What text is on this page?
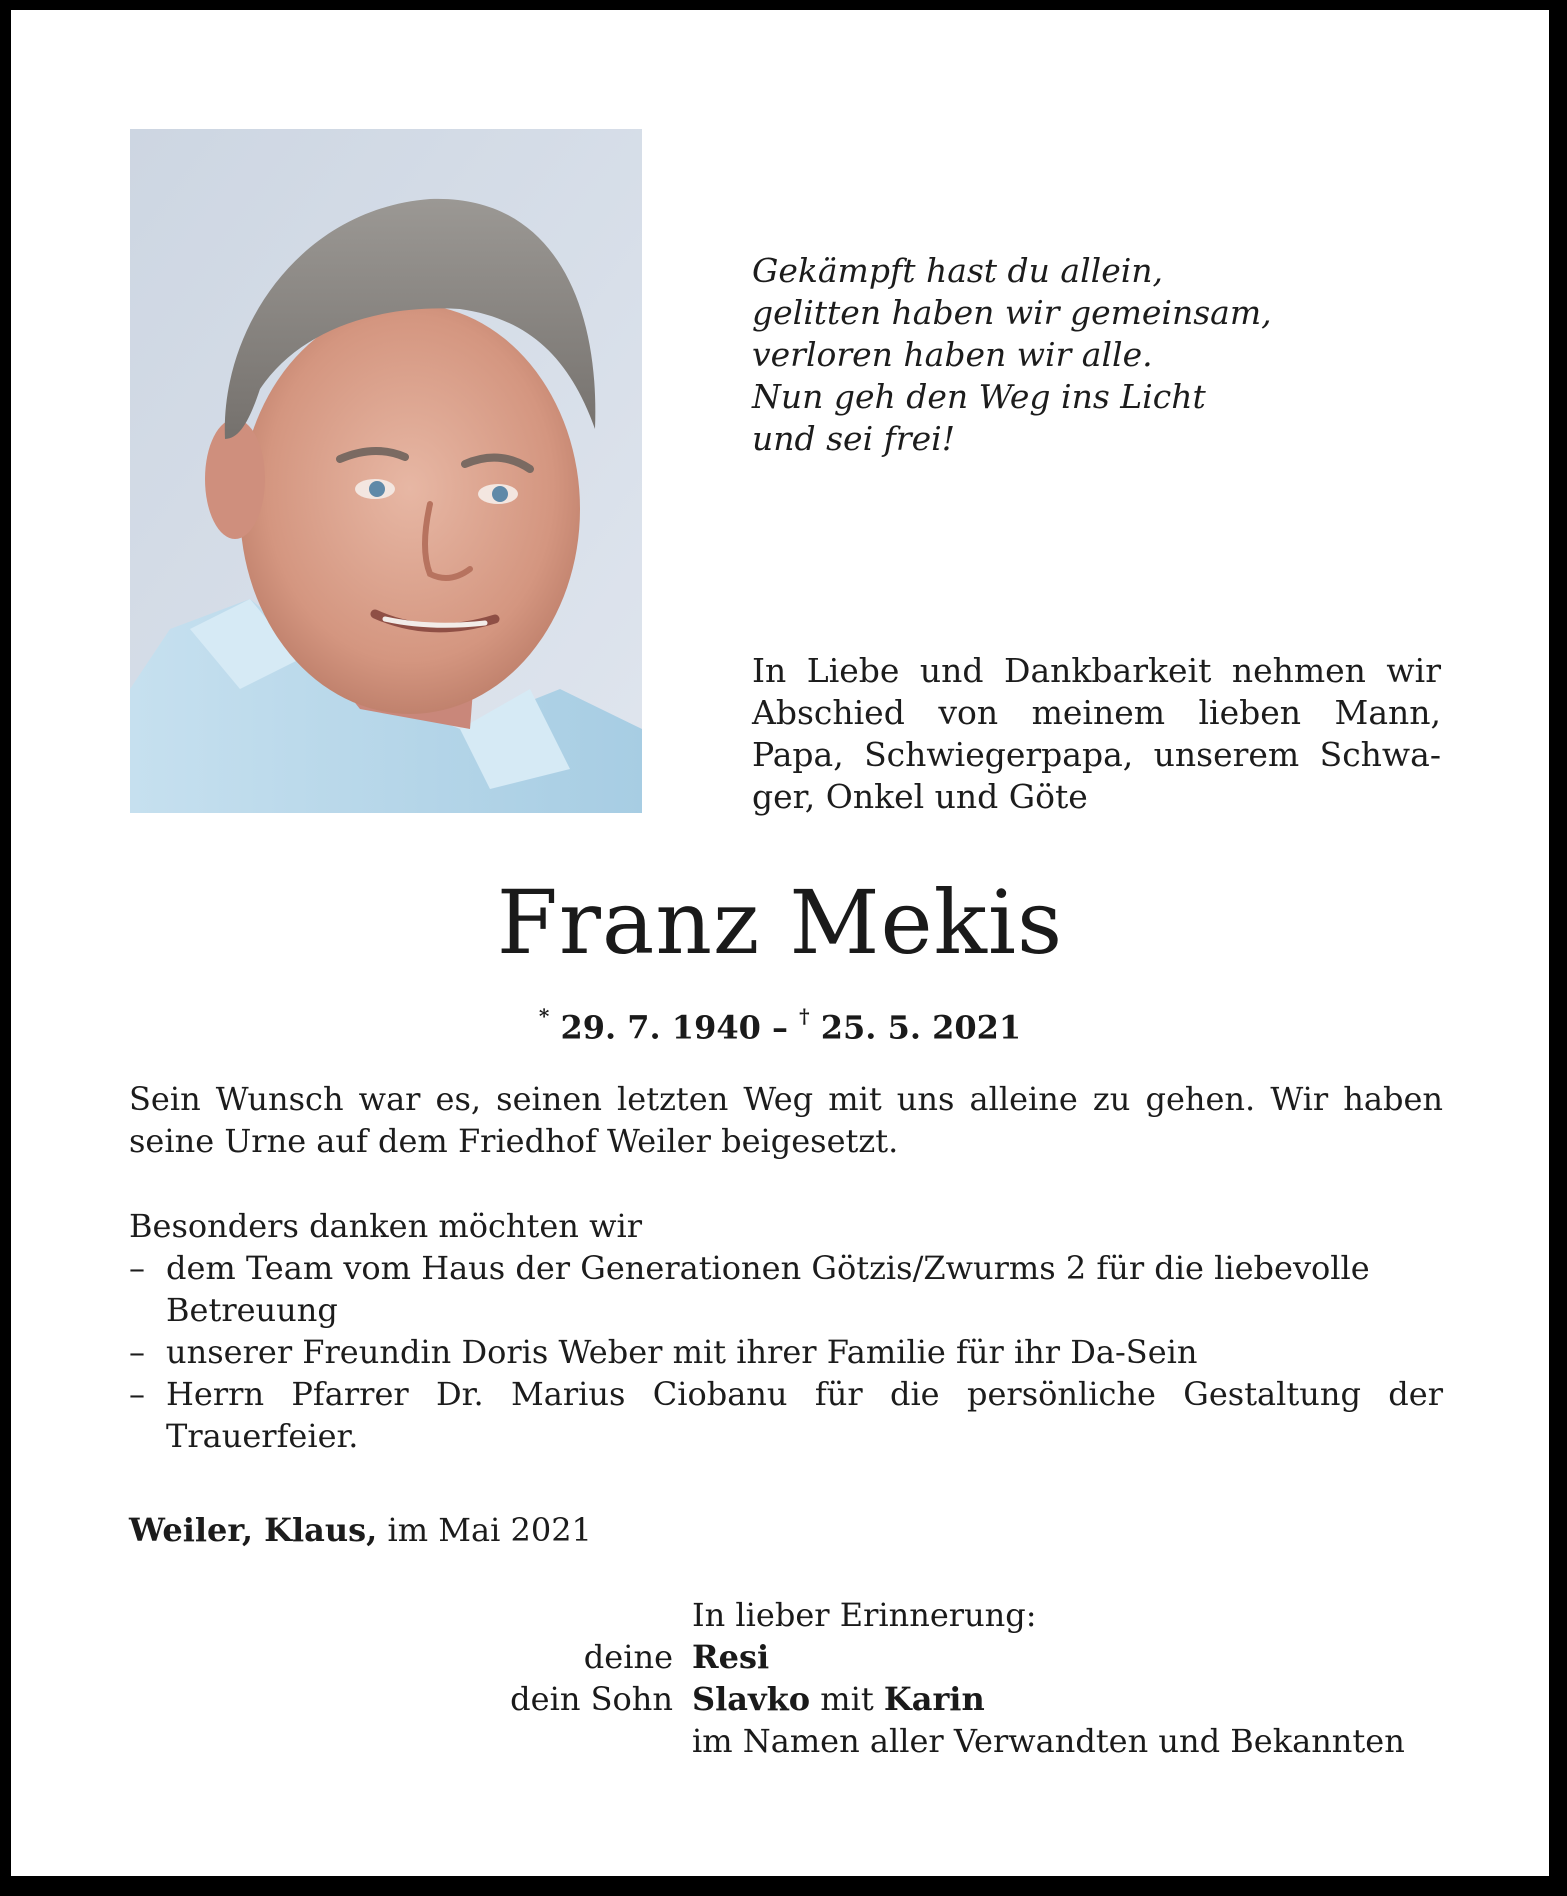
Gekämpft hast du allein,
gelitten haben wir gemeinsam,
verloren haben wir alle.
Nun geh den Weg ins Licht
und sei frei!
In Liebe und Dankbarkeit nehmen wir
Abschied von meinem lieben Mann,
Papa, Schwiegerpapa, unserem Schwa-
ger, Onkel und Göte
Franz Mekis
* 29. 7. 1940 – † 25. 5. 2021
Sein Wunsch war es, seinen letzten Weg mit uns alleine zu gehen. Wir haben
seine Urne auf dem Friedhof Weiler beigesetzt.
Besonders danken möchten wir
– dem Team vom Haus der Generationen Götzis/Zwurms 2 für die liebevolle
Betreuung
– unserer Freundin Doris Weber mit ihrer Familie für ihr Da-Sein
– Herrn Pfarrer Dr. Marius Ciobanu für die persönliche Gestaltung der
Trauerfeier.
Weiler, Klaus, im Mai 2021
In lieber Erinnerung:
deine Resi
dein Sohn Slavko mit Karin
im Namen aller Verwandten und Bekannten
